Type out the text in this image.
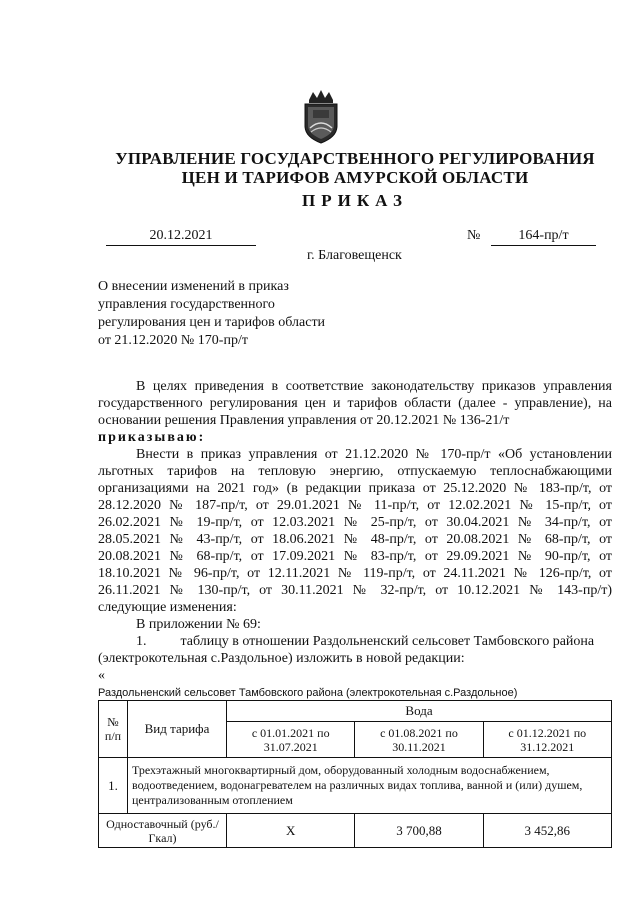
УПРАВЛЕНИЕ ГОСУДАРСТВЕННОГО РЕГУЛИРОВАНИЯ
ЦЕН И ТАРИФОВ АМУРСКОЙ ОБЛАСТИ
ПРИКАЗ
20.12.2021	№	164-пр/т
г. Благовещенск
О внесении изменений в приказ
управления государственного
регулирования цен и тарифов области
от 21.12.2020 № 170-пр/т
В целях приведения в соответствие законодательству приказов управления
государственного регулирования цен и тарифов области (далее - управление), на
основании решения Правления управления от 20.12.2021 № 136-21/т
приказываю:
Внести в приказ управления от 21.12.2020 № 170-пр/т «Об установлении
льготных тарифов на тепловую энергию, отпускаемую теплоснабжающими
организациями на 2021 год» (в редакции приказа от 25.12.2020 № 183-пр/т, от
28.12.2020 № 187-пр/т, от 29.01.2021 № 11-пр/т, от 12.02.2021 № 15-пр/т, от
26.02.2021 № 19-пр/т, от 12.03.2021 № 25-пр/т, от 30.04.2021 № 34-пр/т, от
28.05.2021 № 43-пр/т, от 18.06.2021 № 48-пр/т, от 20.08.2021 № 68-пр/т, от
20.08.2021 № 68-пр/т, от 17.09.2021 № 83-пр/т, от 29.09.2021 № 90-пр/т, от
18.10.2021 № 96-пр/т, от 12.11.2021 № 119-пр/т, от 24.11.2021 № 126-пр/т, от
26.11.2021 № 130-пр/т, от 30.11.2021 № 32-пр/т, от 10.12.2021 № 143-пр/т)
следующие изменения:
В приложении № 69:
1. таблицу в отношении Раздольненский сельсовет Тамбовского района
(электрокотельная с.Раздольное) изложить в новой редакции:
«
Раздольненский сельсовет Тамбовского района (электрокотельная с.Раздольное)
№ п/п	Вид тарифа	Вода		
		с 01.01.2021 по 31.07.2021	с 01.08.2021 по 30.11.2021	с 01.12.2021 по 31.12.2021
1.	Трехэтажный многоквартирный дом, оборудованный холодным водоснабжением, водоотведением, водонагревателем на различных видах топлива, ванной и (или) душем, централизованным отоплением			
Одноставочный (руб./Гкал)		Х	3 700,88	3 452,86
